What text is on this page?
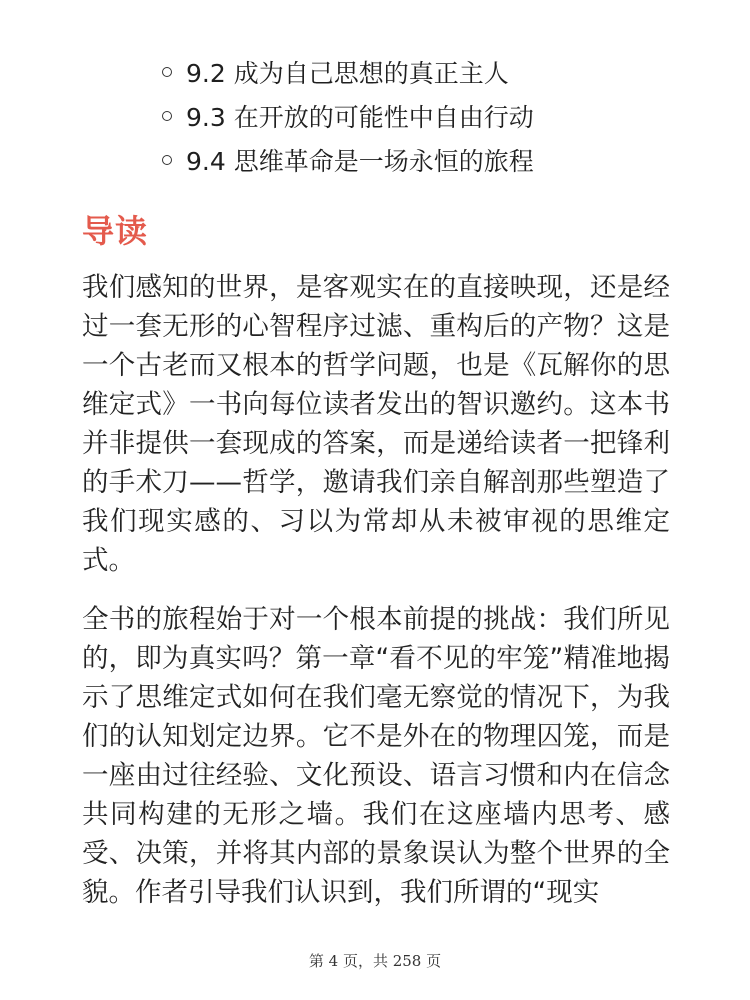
9.2 成为自己思想的真正主人
9.3 在开放的可能性中自由行动
9.4 思维革命是一场永恒的旅程
导读

我们感知的世界，是客观实在的直接映现，还是经过一套无形的心智程序过滤、重构后的产物？这是一个古老而又根本的哲学问题，也是《瓦解你的思维定式》一书向每位读者发出的智识邀约。这本书并非提供一套现成的答案，而是递给读者一把锋利的手术刀——哲学，邀请我们亲自解剖那些塑造了我们现实感的、习以为常却从未被审视的思维定式。

全书的旅程始于对一个根本前提的挑战：我们所见的，即为真实吗？第一章“看不见的牢笼”精准地揭示了思维定式如何在我们毫无察觉的情况下，为我们的认知划定边界。它不是外在的物理囚笼，而是一座由过往经验、文化预设、语言习惯和内在信念共同构建的无形之墙。我们在这座墙内思考、感受、决策，并将其内部的景象误认为整个世界的全貌。作者引导我们认识到，我们所谓的“现实

第 4 页，共 258 页
